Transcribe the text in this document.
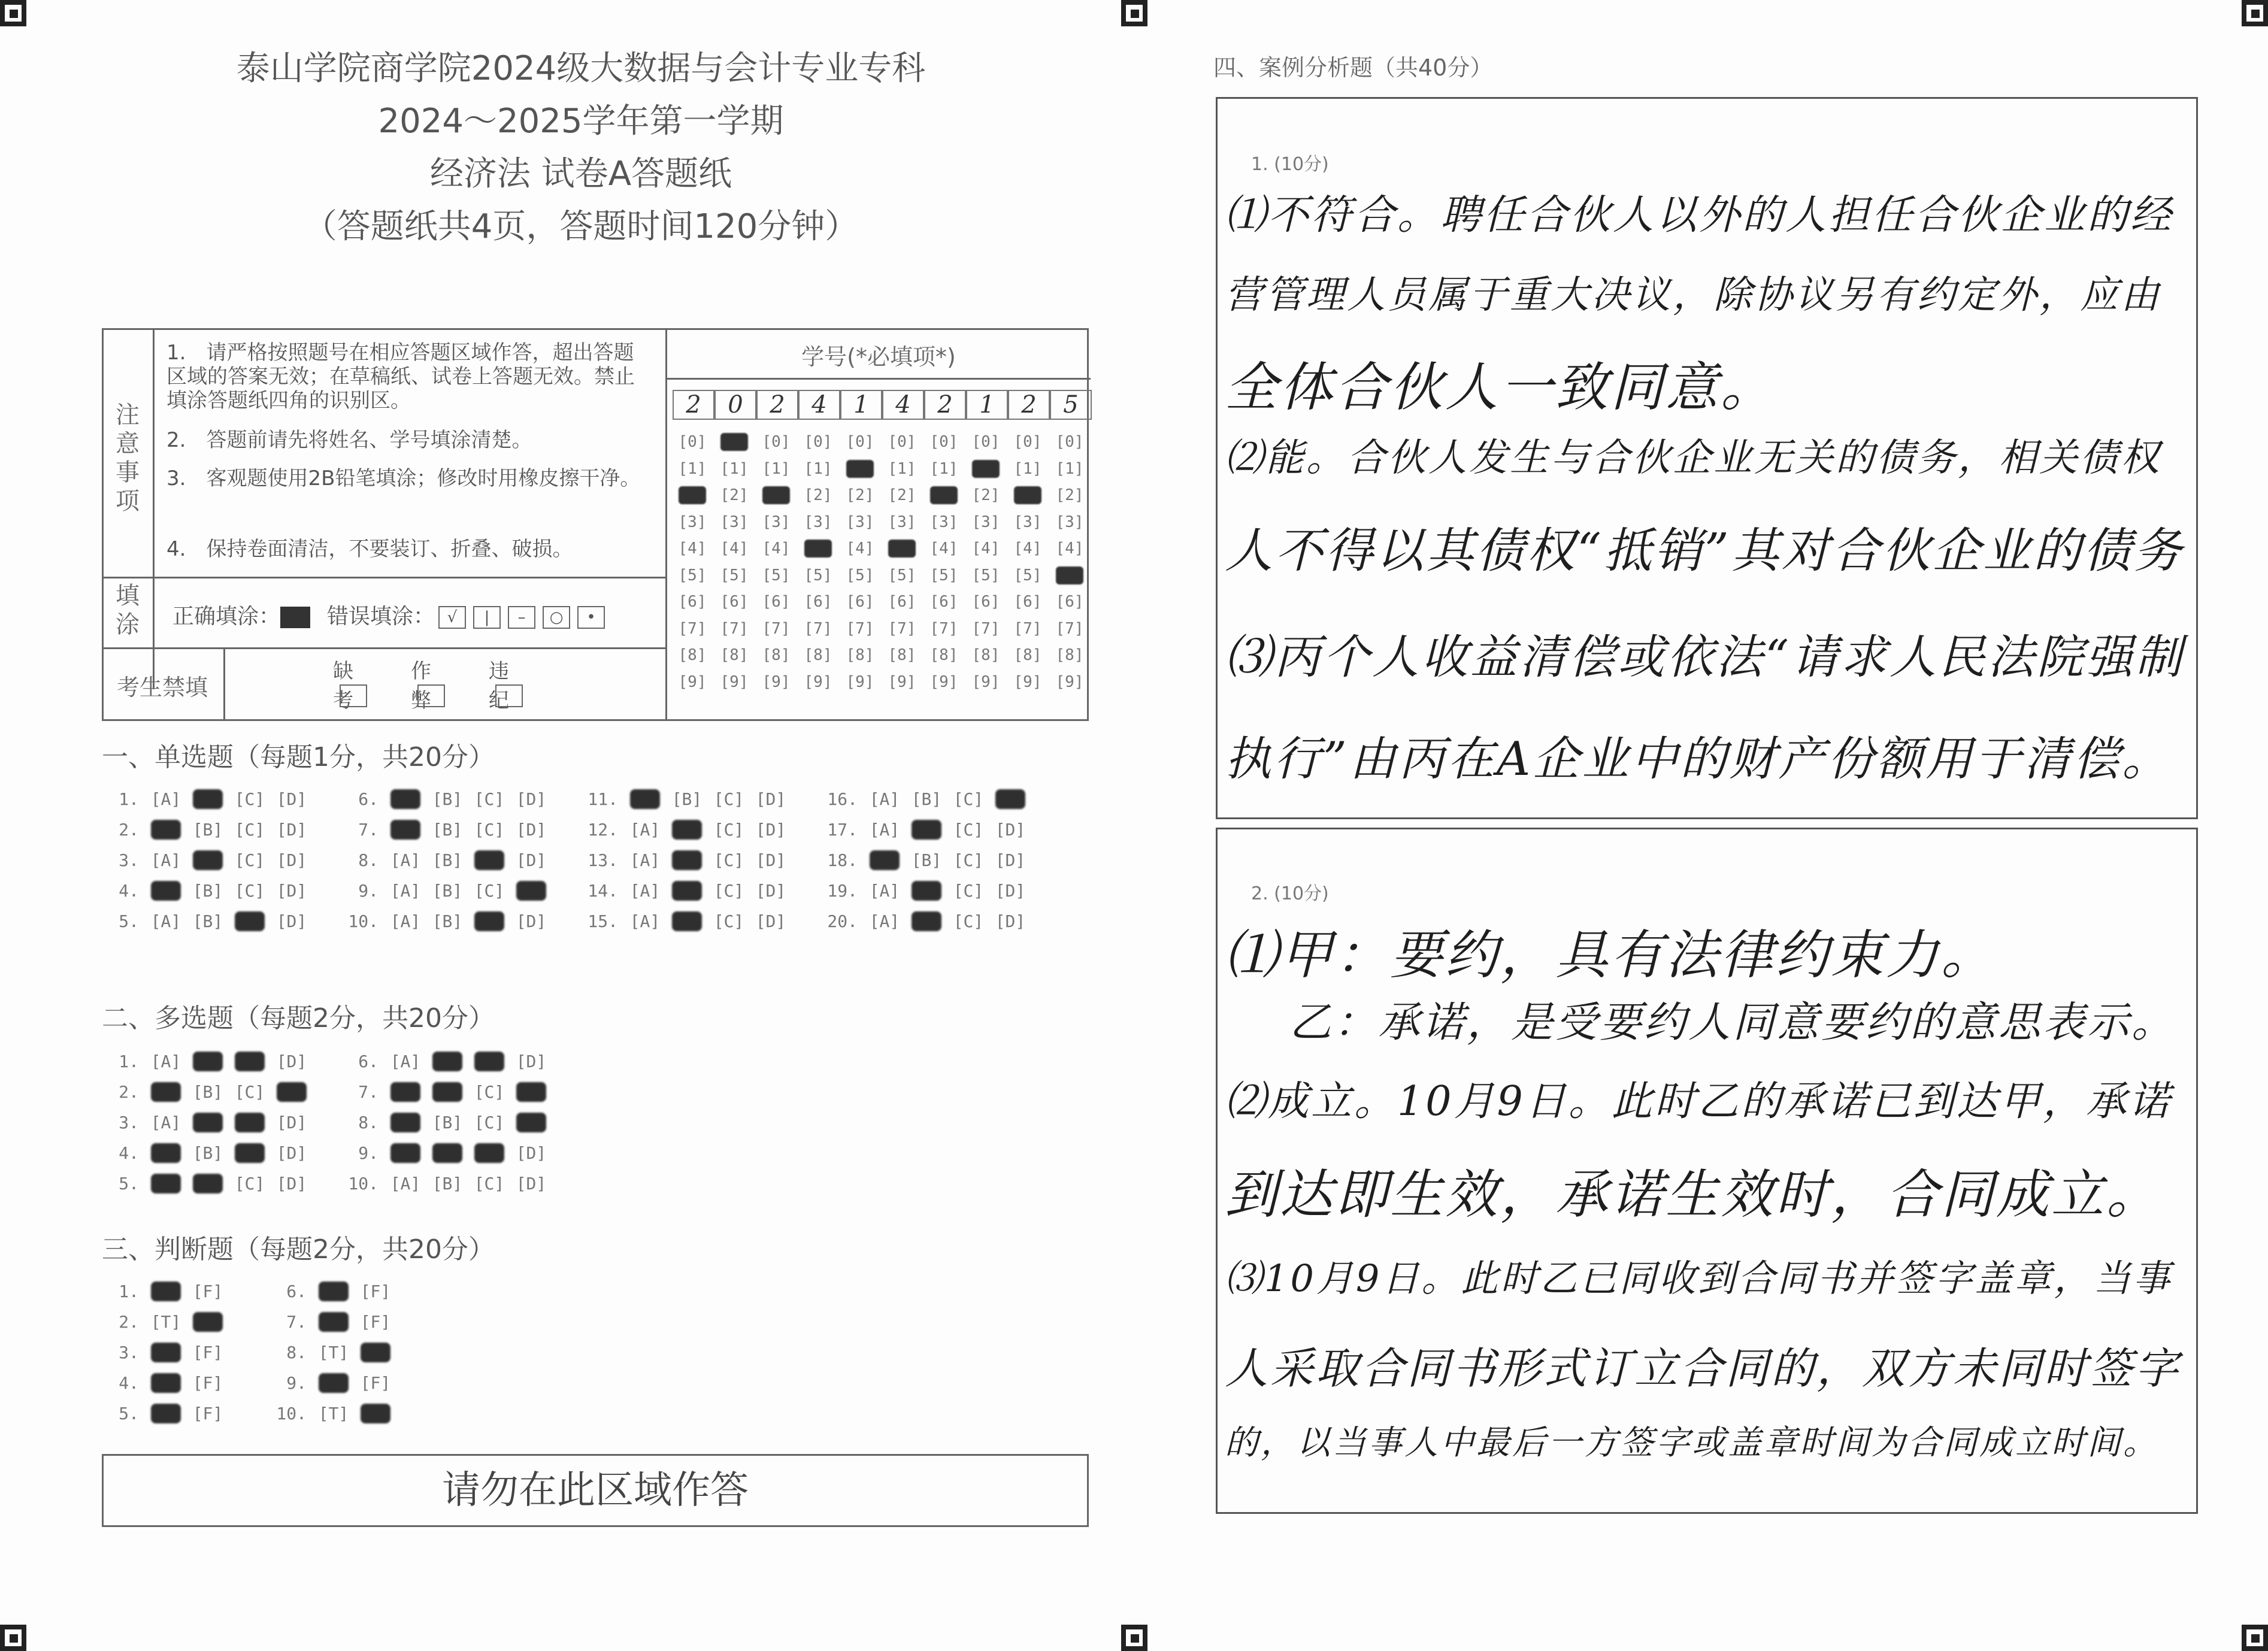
泰山学院商学院2024级大数据与会计专业专科
2024～2025学年第一学期
经济法 试卷A答题纸
（答题纸共4页，答题时间120分钟）
注意事项
1.　请严格按照题号在相应答题区域作答，超出答题区域的答案无效；在草稿纸、试卷上答题无效。禁止填涂答题纸四角的识别区。
2.　答题前请先将姓名、学号填涂清楚。
3.　客观题使用2B铅笔填涂；修改时用橡皮擦干净。
4.　保持卷面清洁，不要装订、折叠、破损。
填涂 正确填涂： 错误填涂： √ | – ○ •
考生禁填
缺考
作弊
违纪
学号(*必填项*)
2
[0]
[1]
[2]
[3]
[4]
[5]
[6]
[7]
[8]
[9]
0
[0]
[1]
[2]
[3]
[4]
[5]
[6]
[7]
[8]
[9]
2
[0]
[1]
[2]
[3]
[4]
[5]
[6]
[7]
[8]
[9]
4
[0]
[1]
[2]
[3]
[4]
[5]
[6]
[7]
[8]
[9]
1
[0]
[1]
[2]
[3]
[4]
[5]
[6]
[7]
[8]
[9]
4
[0]
[1]
[2]
[3]
[4]
[5]
[6]
[7]
[8]
[9]
2
[0]
[1]
[2]
[3]
[4]
[5]
[6]
[7]
[8]
[9]
1
[0]
[1]
[2]
[3]
[4]
[5]
[6]
[7]
[8]
[9]
2
[0]
[1]
[2]
[3]
[4]
[5]
[6]
[7]
[8]
[9]
5
[0]
[1]
[2]
[3]
[4]
[5]
[6]
[7]
[8]
[9]
一、单选题（每题1分，共20分）
二、多选题（每题2分，共20分）
三、判断题（每题2分，共20分）
请勿在此区域作答
四、案例分析题（共40分）
1. (10分)
⑴不符合。聘任合伙人以外的人担任合伙企业的经
营管理人员属于重大决议，除协议另有约定外，应由
全体合伙人一致同意。
⑵能。合伙人发生与合伙企业无关的债务，相关债权
人不得以其债权“抵销”其对合伙企业的债务
⑶丙个人收益清偿或依法“请求人民法院强制
执行”由丙在A企业中的财产份额用于清偿。
2. (10分)
⑴甲：要约，具有法律约束力。
乙：承诺，是受要约人同意要约的意思表示。
⑵成立。10月9日。此时乙的承诺已到达甲，承诺
到达即生效，承诺生效时，合同成立。
⑶10月9日。此时乙已同收到合同书并签字盖章，当事
人采取合同书形式订立合同的，双方未同时签字
的，以当事人中最后一方签字或盖章时间为合同成立时间。
1. [A] [B] [C] [D]
2. [A] [B] [C] [D]
3. [A] [B] [C] [D]
4. [A] [B] [C] [D]
5. [A] [B] [C] [D]
6. [A] [B] [C] [D]
7. [A] [B] [C] [D]
8. [A] [B] [C] [D]
9. [A] [B] [C] [D]
10. [A] [B] [C] [D]
11. [A] [B] [C] [D]
12. [A] [B] [C] [D]
13. [A] [B] [C] [D]
14. [A] [B] [C] [D]
15. [A] [B] [C] [D]
16. [A] [B] [C] [D]
17. [A] [B] [C] [D]
18. [A] [B] [C] [D]
19. [A] [B] [C] [D]
20. [A] [B] [C] [D]
1. [A] [B] [C] [D]
2. [A] [B] [C] [D]
3. [A] [B] [C] [D]
4. [A] [B] [C] [D]
5. [A] [B] [C] [D]
6. [A] [B] [C] [D]
7. [A] [B] [C] [D]
8. [A] [B] [C] [D]
9. [A] [B] [C] [D]
10. [A] [B] [C] [D]
1. [T] [F]
2. [T] [F]
3. [T] [F]
4. [T] [F]
5. [T] [F]
6. [T] [F]
7. [T] [F]
8. [T] [F]
9. [T] [F]
10. [T] [F]
